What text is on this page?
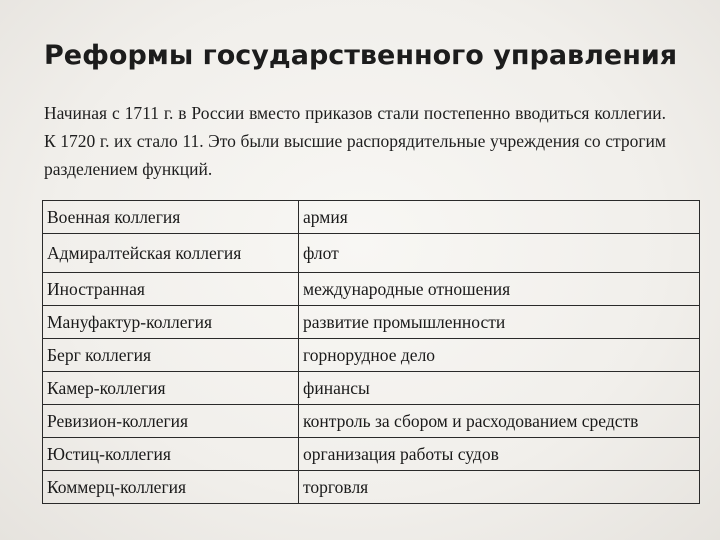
Реформы государственного управления
Начиная с 1711 г. в России вместо приказов стали постепенно вводиться коллегии. К 1720 г. их стало 11. Это были высшие распорядительные учреждения со строгим разделением функций.
Военная коллегия	армия
Адмиралтейская коллегия	флот
Иностранная	международные отношения
Мануфактур-коллегия	развитие промышленности
Берг коллегия	горнорудное дело
Камер-коллегия	финансы
Ревизион-коллегия	контроль за сбором и расходованием средств
Юстиц-коллегия	организация работы судов
Коммерц-коллегия	торговля
